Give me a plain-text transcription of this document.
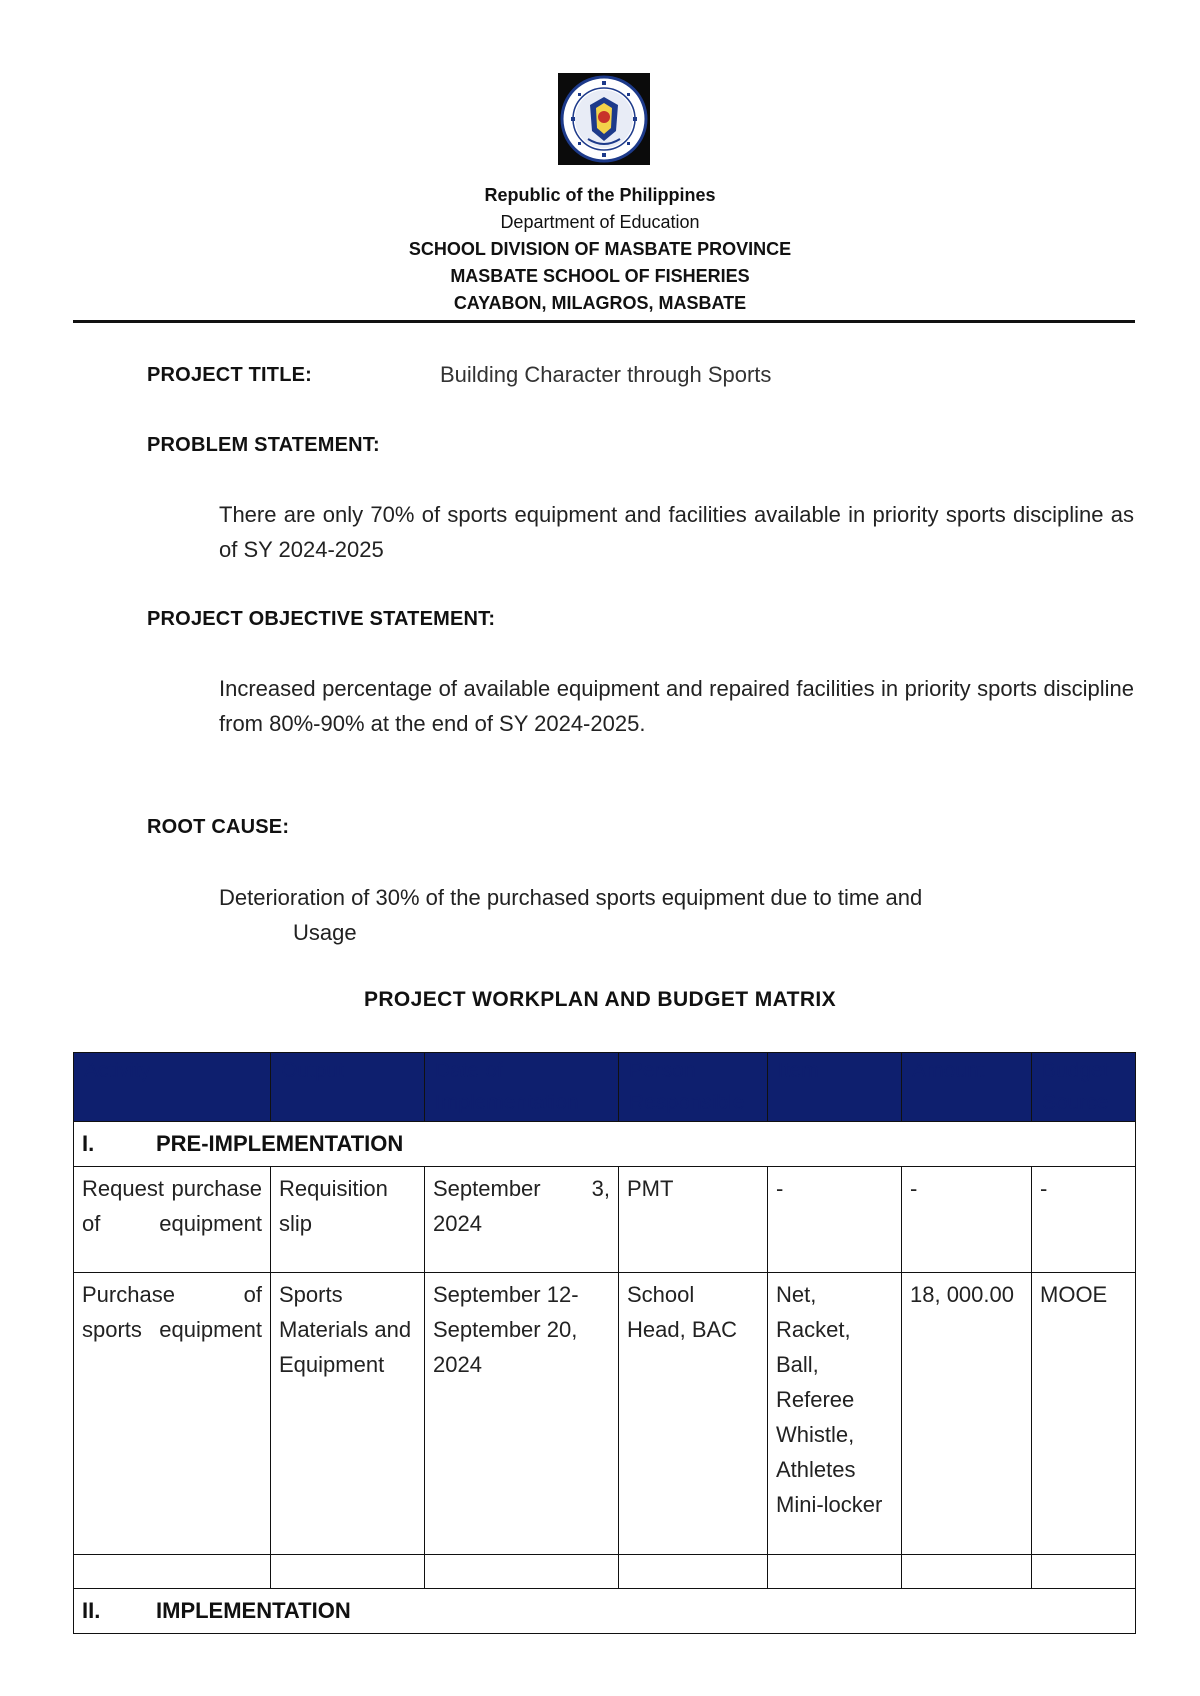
Republic of the Philippines
Department of Education
SCHOOL DIVISION OF MASBATE PROVINCE
MASBATE SCHOOL OF FISHERIES
CAYABON, MILAGROS, MASBATE
PROJECT TITLE:	Building Character through Sports
PROBLEM STATEMENT:
There are only 70% of sports equipment and facilities available in priority sports discipline as of SY 2024-2025
PROJECT OBJECTIVE STATEMENT:
Increased percentage of available equipment and repaired facilities in priority sports discipline from 80%-90% at the end of SY 2024-2025.
ROOT CAUSE:
Deterioration of 30% of the purchased sports equipment due to time and
Usage
PROJECT WORKPLAN AND BUDGET MATRIX
Activity	Output	Date of Implementation	Person Responsible	Item	Amount	Budget Source
I. PRE-IMPLEMENTATION						
Request purchase of equipment	Requisition slip	September 3, 2024	PMT	-	-	-
Purchase of sports equipment	Sports Materials and Equipment	September 12-September 20, 2024	School Head, BAC	Net, Racket, Ball, Referee Whistle, Athletes Mini-locker	18, 000.00	MOOE

II. IMPLEMENTATION						
